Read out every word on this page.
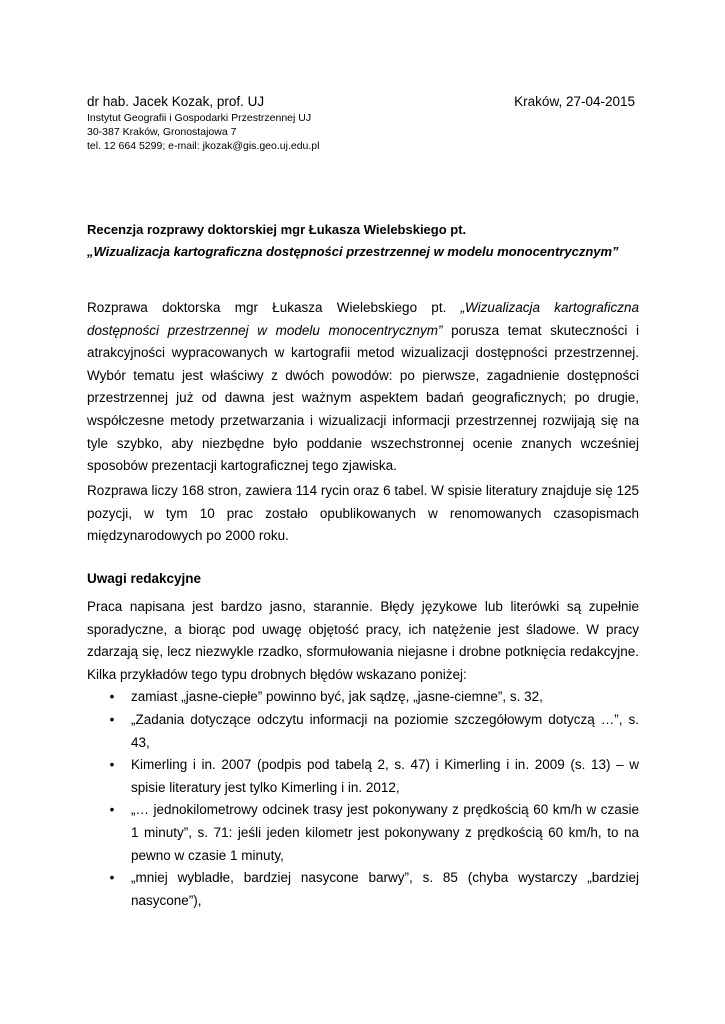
dr hab. Jacek Kozak, prof. UJ	Kraków, 27-04-2015
Instytut Geografii i Gospodarki Przestrzennej UJ
30-387 Kraków, Gronostajowa 7
tel. 12 664 5299; e-mail: jkozak@gis.geo.uj.edu.pl
Recenzja rozprawy doktorskiej mgr Łukasza Wielebskiego pt.
„Wizualizacja kartograficzna dostępności przestrzennej w modelu monocentrycznym”

Rozprawa doktorska mgr Łukasza Wielebskiego pt. „Wizualizacja kartograficzna dostępności przestrzennej w modelu monocentrycznym” porusza temat skuteczności i atrakcyjności wypracowanych w kartografii metod wizualizacji dostępności przestrzennej. Wybór tematu jest właściwy z dwóch powodów: po pierwsze, zagadnienie dostępności przestrzennej już od dawna jest ważnym aspektem badań geograficznych; po drugie, współczesne metody przetwarzania i wizualizacji informacji przestrzennej rozwijają się na tyle szybko, aby niezbędne było poddanie wszechstronnej ocenie znanych wcześniej sposobów prezentacji kartograficznej tego zjawiska.

Rozprawa liczy 168 stron, zawiera 114 rycin oraz 6 tabel. W spisie literatury znajduje się 125 pozycji, w tym 10 prac zostało opublikowanych w renomowanych czasopismach międzynarodowych po 2000 roku.

Uwagi redakcyjne

Praca napisana jest bardzo jasno, starannie. Błędy językowe lub literówki są zupełnie sporadyczne, a biorąc pod uwagę objętość pracy, ich natężenie jest śladowe. W pracy zdarzają się, lecz niezwykle rzadko, sformułowania niejasne i drobne potknięcia redakcyjne. Kilka przykładów tego typu drobnych błędów wskazano poniżej:

•	zamiast „jasne-ciepłe” powinno być, jak sądzę, „jasne-ciemne”, s. 32,
•	„Zadania dotyczące odczytu informacji na poziomie szczegółowym dotyczą …”, s. 43,
•	Kimerling i in. 2007 (podpis pod tabelą 2, s. 47) i Kimerling i in. 2009 (s. 13) – w spisie literatury jest tylko Kimerling i in. 2012,
•	„… jednokilometrowy odcinek trasy jest pokonywany z prędkością 60 km/h w czasie 1 minuty”, s. 71: jeśli jeden kilometr jest pokonywany z prędkością 60 km/h, to na pewno w czasie 1 minuty,
•	„mniej wybladłe, bardziej nasycone barwy”, s. 85 (chyba wystarczy „bardziej nasycone”),
